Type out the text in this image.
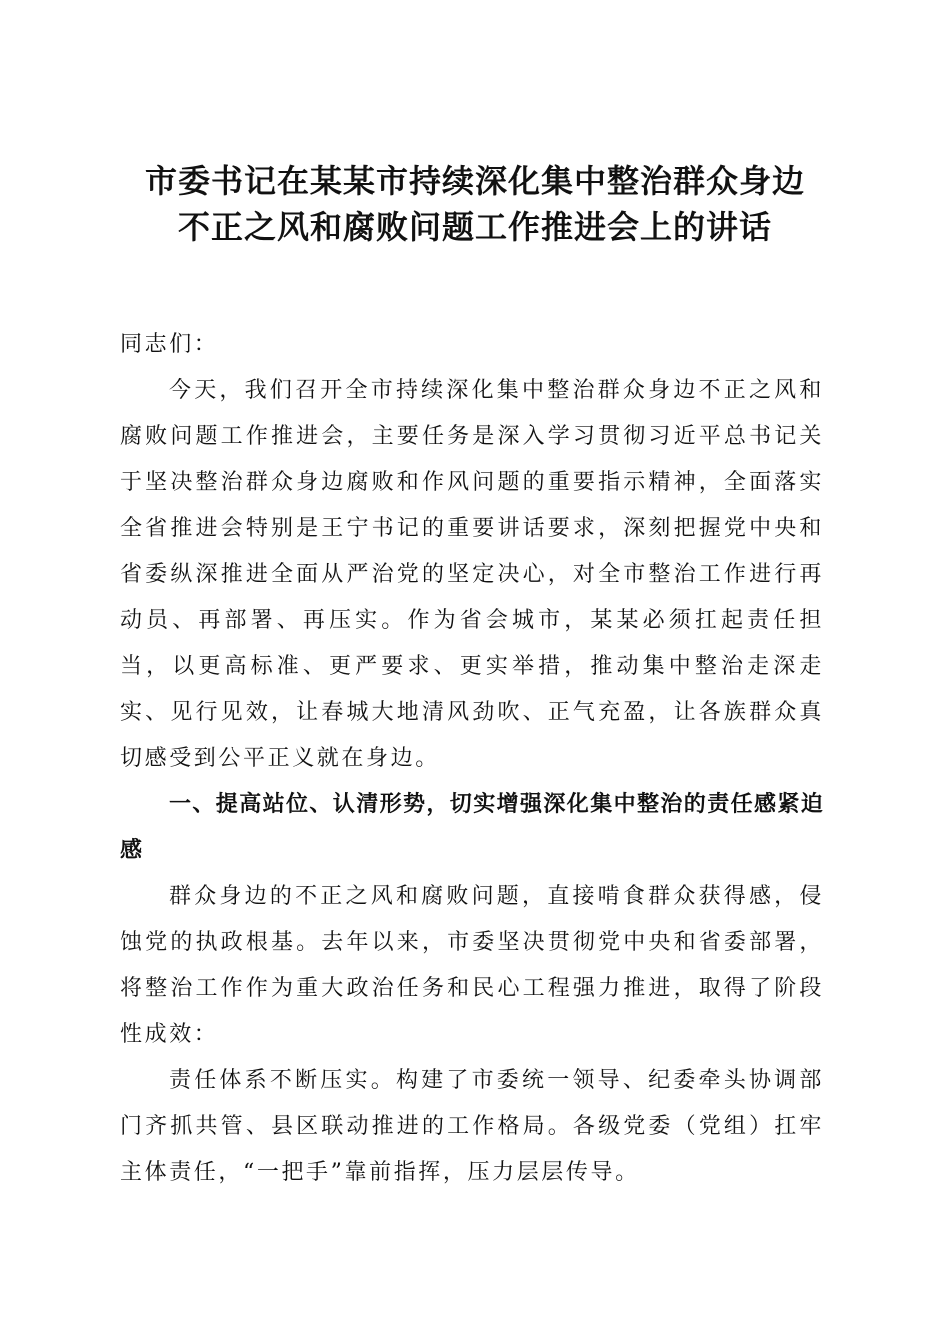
市委书记在某某市持续深化集中整治群众身边
不正之风和腐败问题工作推进会上的讲话

同志们：

今天，我们召开全市持续深化集中整治群众身边不正之风和腐败问题工作推进会，主要任务是深入学习贯彻习近平总书记关于坚决整治群众身边腐败和作风问题的重要指示精神，全面落实全省推进会特别是王宁书记的重要讲话要求，深刻把握党中央和省委纵深推进全面从严治党的坚定决心，对全市整治工作进行再动员、再部署、再压实。作为省会城市，某某必须扛起责任担当，以更高标准、更严要求、更实举措，推动集中整治走深走实、见行见效，让春城大地清风劲吹、正气充盈，让各族群众真切感受到公平正义就在身边。

一、提高站位、认清形势，切实增强深化集中整治的责任感紧迫感

群众身边的不正之风和腐败问题，直接啃食群众获得感，侵蚀党的执政根基。去年以来，市委坚决贯彻党中央和省委部署，将整治工作作为重大政治任务和民心工程强力推进，取得了阶段性成效：

责任体系不断压实。构建了市委统一领导、纪委牵头协调部门齐抓共管、县区联动推进的工作格局。各级党委（党组）扛牢主体责任，“一把手”靠前指挥，压力层层传导。
